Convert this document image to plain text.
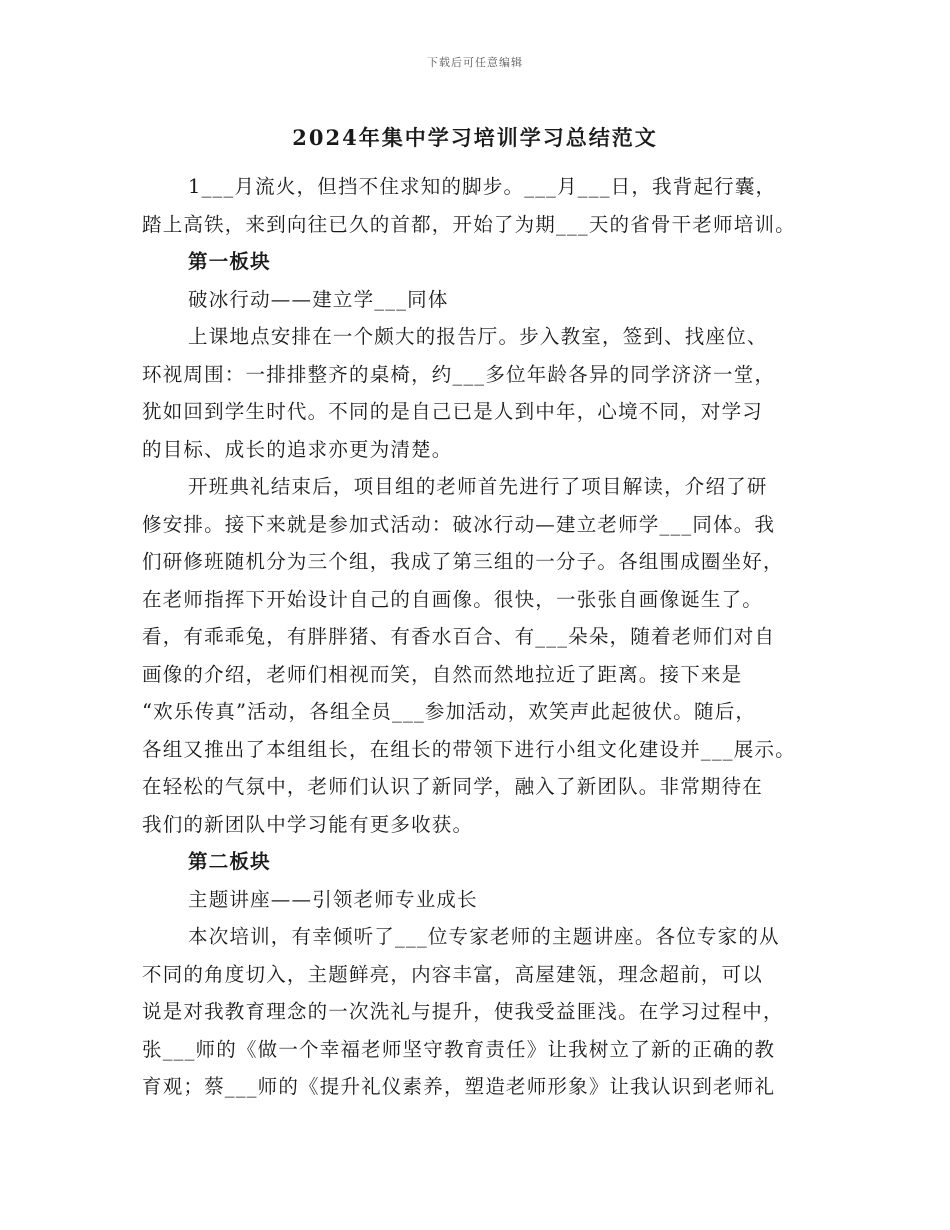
下载后可任意编辑
2024年集中学习培训学习总结范文
1___月流火，但挡不住求知的脚步。___月___日，我背起行囊，
踏上高铁，来到向往已久的首都，开始了为期___天的省骨干老师培训。
第一板块
破冰行动——建立学___同体
上课地点安排在一个颇大的报告厅。步入教室，签到、找座位、
环视周围：一排排整齐的桌椅，约___多位年龄各异的同学济济一堂，
犹如回到学生时代。不同的是自己已是人到中年，心境不同，对学习
的目标、成长的追求亦更为清楚。
开班典礼结束后，项目组的老师首先进行了项目解读，介绍了研
修安排。接下来就是参加式活动：破冰行动—建立老师学___同体。我
们研修班随机分为三个组，我成了第三组的一分子。各组围成圈坐好，
在老师指挥下开始设计自己的自画像。很快，一张张自画像诞生了。
看，有乖乖兔，有胖胖猪、有香水百合、有___朵朵，随着老师们对自
画像的介绍，老师们相视而笑，自然而然地拉近了距离。接下来是
“欢乐传真”活动，各组全员___参加活动，欢笑声此起彼伏。随后，
各组又推出了本组组长，在组长的带领下进行小组文化建设并___展示。
在轻松的气氛中，老师们认识了新同学，融入了新团队。非常期待在
我们的新团队中学习能有更多收获。
第二板块
主题讲座——引领老师专业成长
本次培训，有幸倾听了___位专家老师的主题讲座。各位专家的从
不同的角度切入，主题鲜亮，内容丰富，高屋建瓴，理念超前，可以
说是对我教育理念的一次洗礼与提升，使我受益匪浅。在学习过程中，
张___师的《做一个幸福老师坚守教育责任》让我树立了新的正确的教
育观；蔡___师的《提升礼仪素养，塑造老师形象》让我认识到老师礼
